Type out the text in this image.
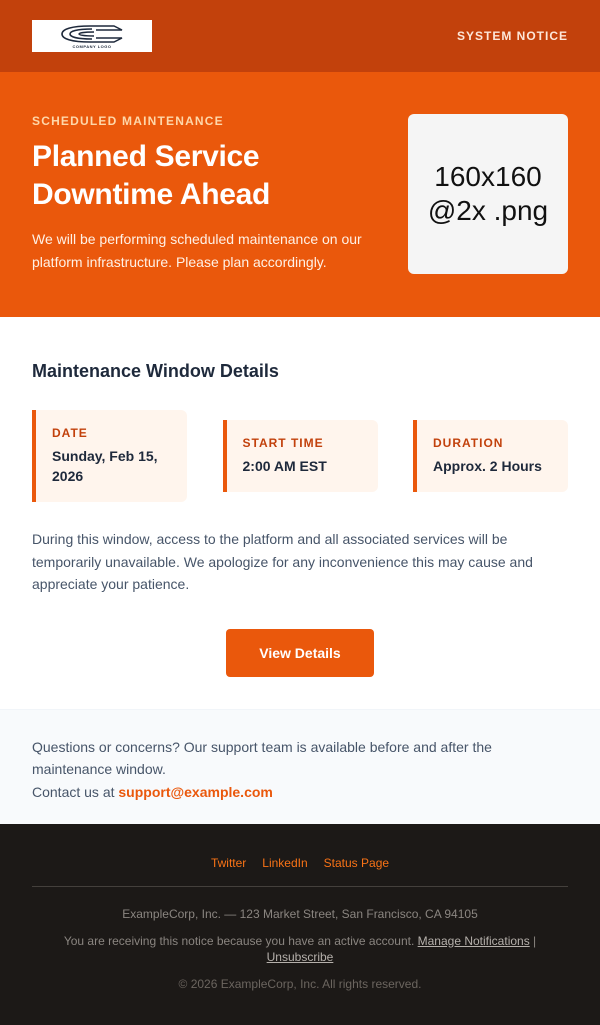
COMPANY LOGO
SYSTEM NOTICE
SCHEDULED MAINTENANCE
Planned Service
Downtime Ahead
We will be performing scheduled maintenance on our platform infrastructure. Please plan accordingly.
160x160
@2x .png
Maintenance Window Details
DATE
Sunday, Feb 15, 2026
START TIME
2:00 AM EST
DURATION
Approx. 2 Hours
During this window, access to the platform and all associated services will be temporarily unavailable. We apologize for any inconvenience this may cause and appreciate your patience.
View Details
Questions or concerns? Our support team is available before and after the maintenance window.
Contact us at support@example.com
Twitter LinkedIn Status Page
ExampleCorp, Inc. — 123 Market Street, San Francisco, CA 94105
You are receiving this notice because you have an active account. Manage Notifications |
Unsubscribe
© 2026 ExampleCorp, Inc. All rights reserved.
